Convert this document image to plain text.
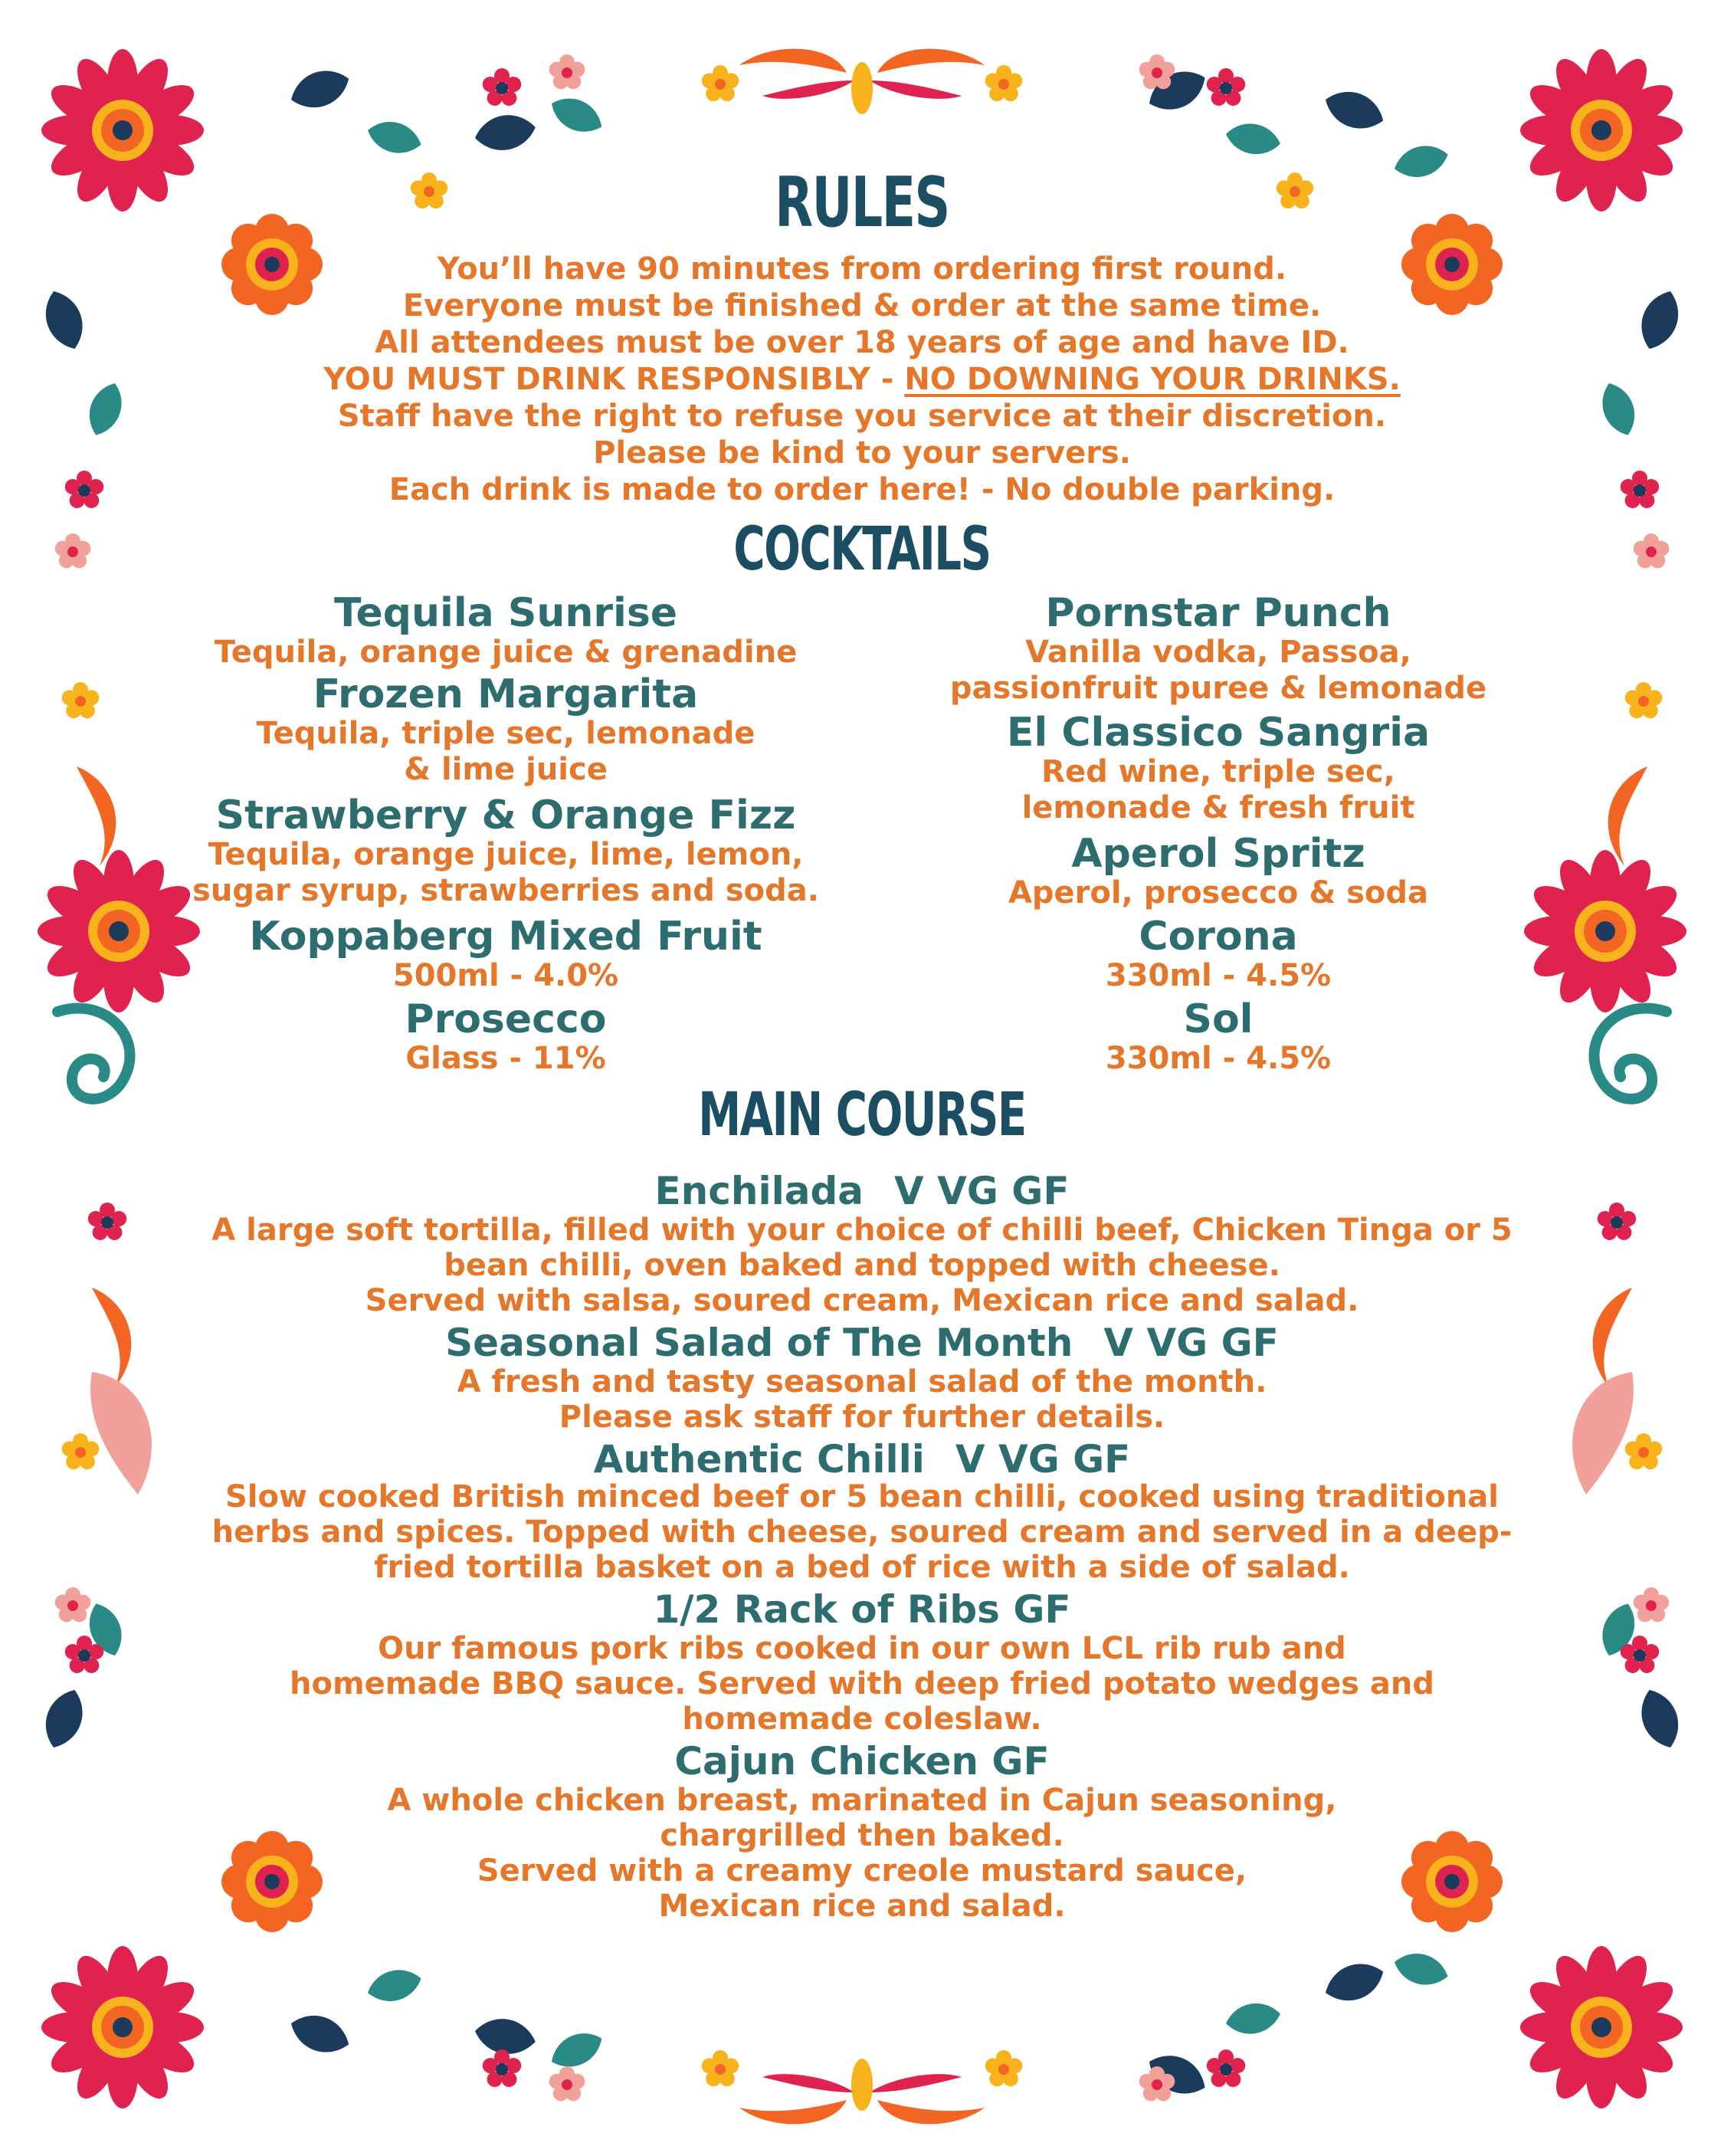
RULES
You’ll have 90 minutes from ordering first round.
Everyone must be finished & order at the same time.
All attendees must be over 18 years of age and have ID.
YOU MUST DRINK RESPONSIBLY - NO DOWNING YOUR DRINKS.
Staff have the right to refuse you service at their discretion.
Please be kind to your servers.
Each drink is made to order here! - No double parking.
COCKTAILS
Tequila Sunrise
Tequila, orange juice & grenadine
Frozen Margarita
Tequila, triple sec, lemonade
& lime juice
Strawberry & Orange Fizz
Tequila, orange juice, lime, lemon,
sugar syrup, strawberries and soda.
Koppaberg Mixed Fruit
500ml - 4.0%
Prosecco
Glass - 11%
Pornstar Punch
Vanilla vodka, Passoa,
passionfruit puree & lemonade
El Classico Sangria
Red wine, triple sec,
lemonade & fresh fruit
Aperol Spritz
Aperol, prosecco & soda
Corona
330ml - 4.5%
Sol
330ml - 4.5%
MAIN COURSE
Enchilada V VG GF
A large soft tortilla, filled with your choice of chilli beef, Chicken Tinga or 5
bean chilli, oven baked and topped with cheese.
Served with salsa, soured cream, Mexican rice and salad.
Seasonal Salad of The Month V VG GF
A fresh and tasty seasonal salad of the month.
Please ask staff for further details.
Authentic Chilli V VG GF
Slow cooked British minced beef or 5 bean chilli, cooked using traditional
herbs and spices. Topped with cheese, soured cream and served in a deep-
fried tortilla basket on a bed of rice with a side of salad.
1/2 Rack of Ribs GF
Our famous pork ribs cooked in our own LCL rib rub and
homemade BBQ sauce. Served with deep fried potato wedges and
homemade coleslaw.
Cajun Chicken GF
A whole chicken breast, marinated in Cajun seasoning,
chargrilled then baked.
Served with a creamy creole mustard sauce,
Mexican rice and salad.
